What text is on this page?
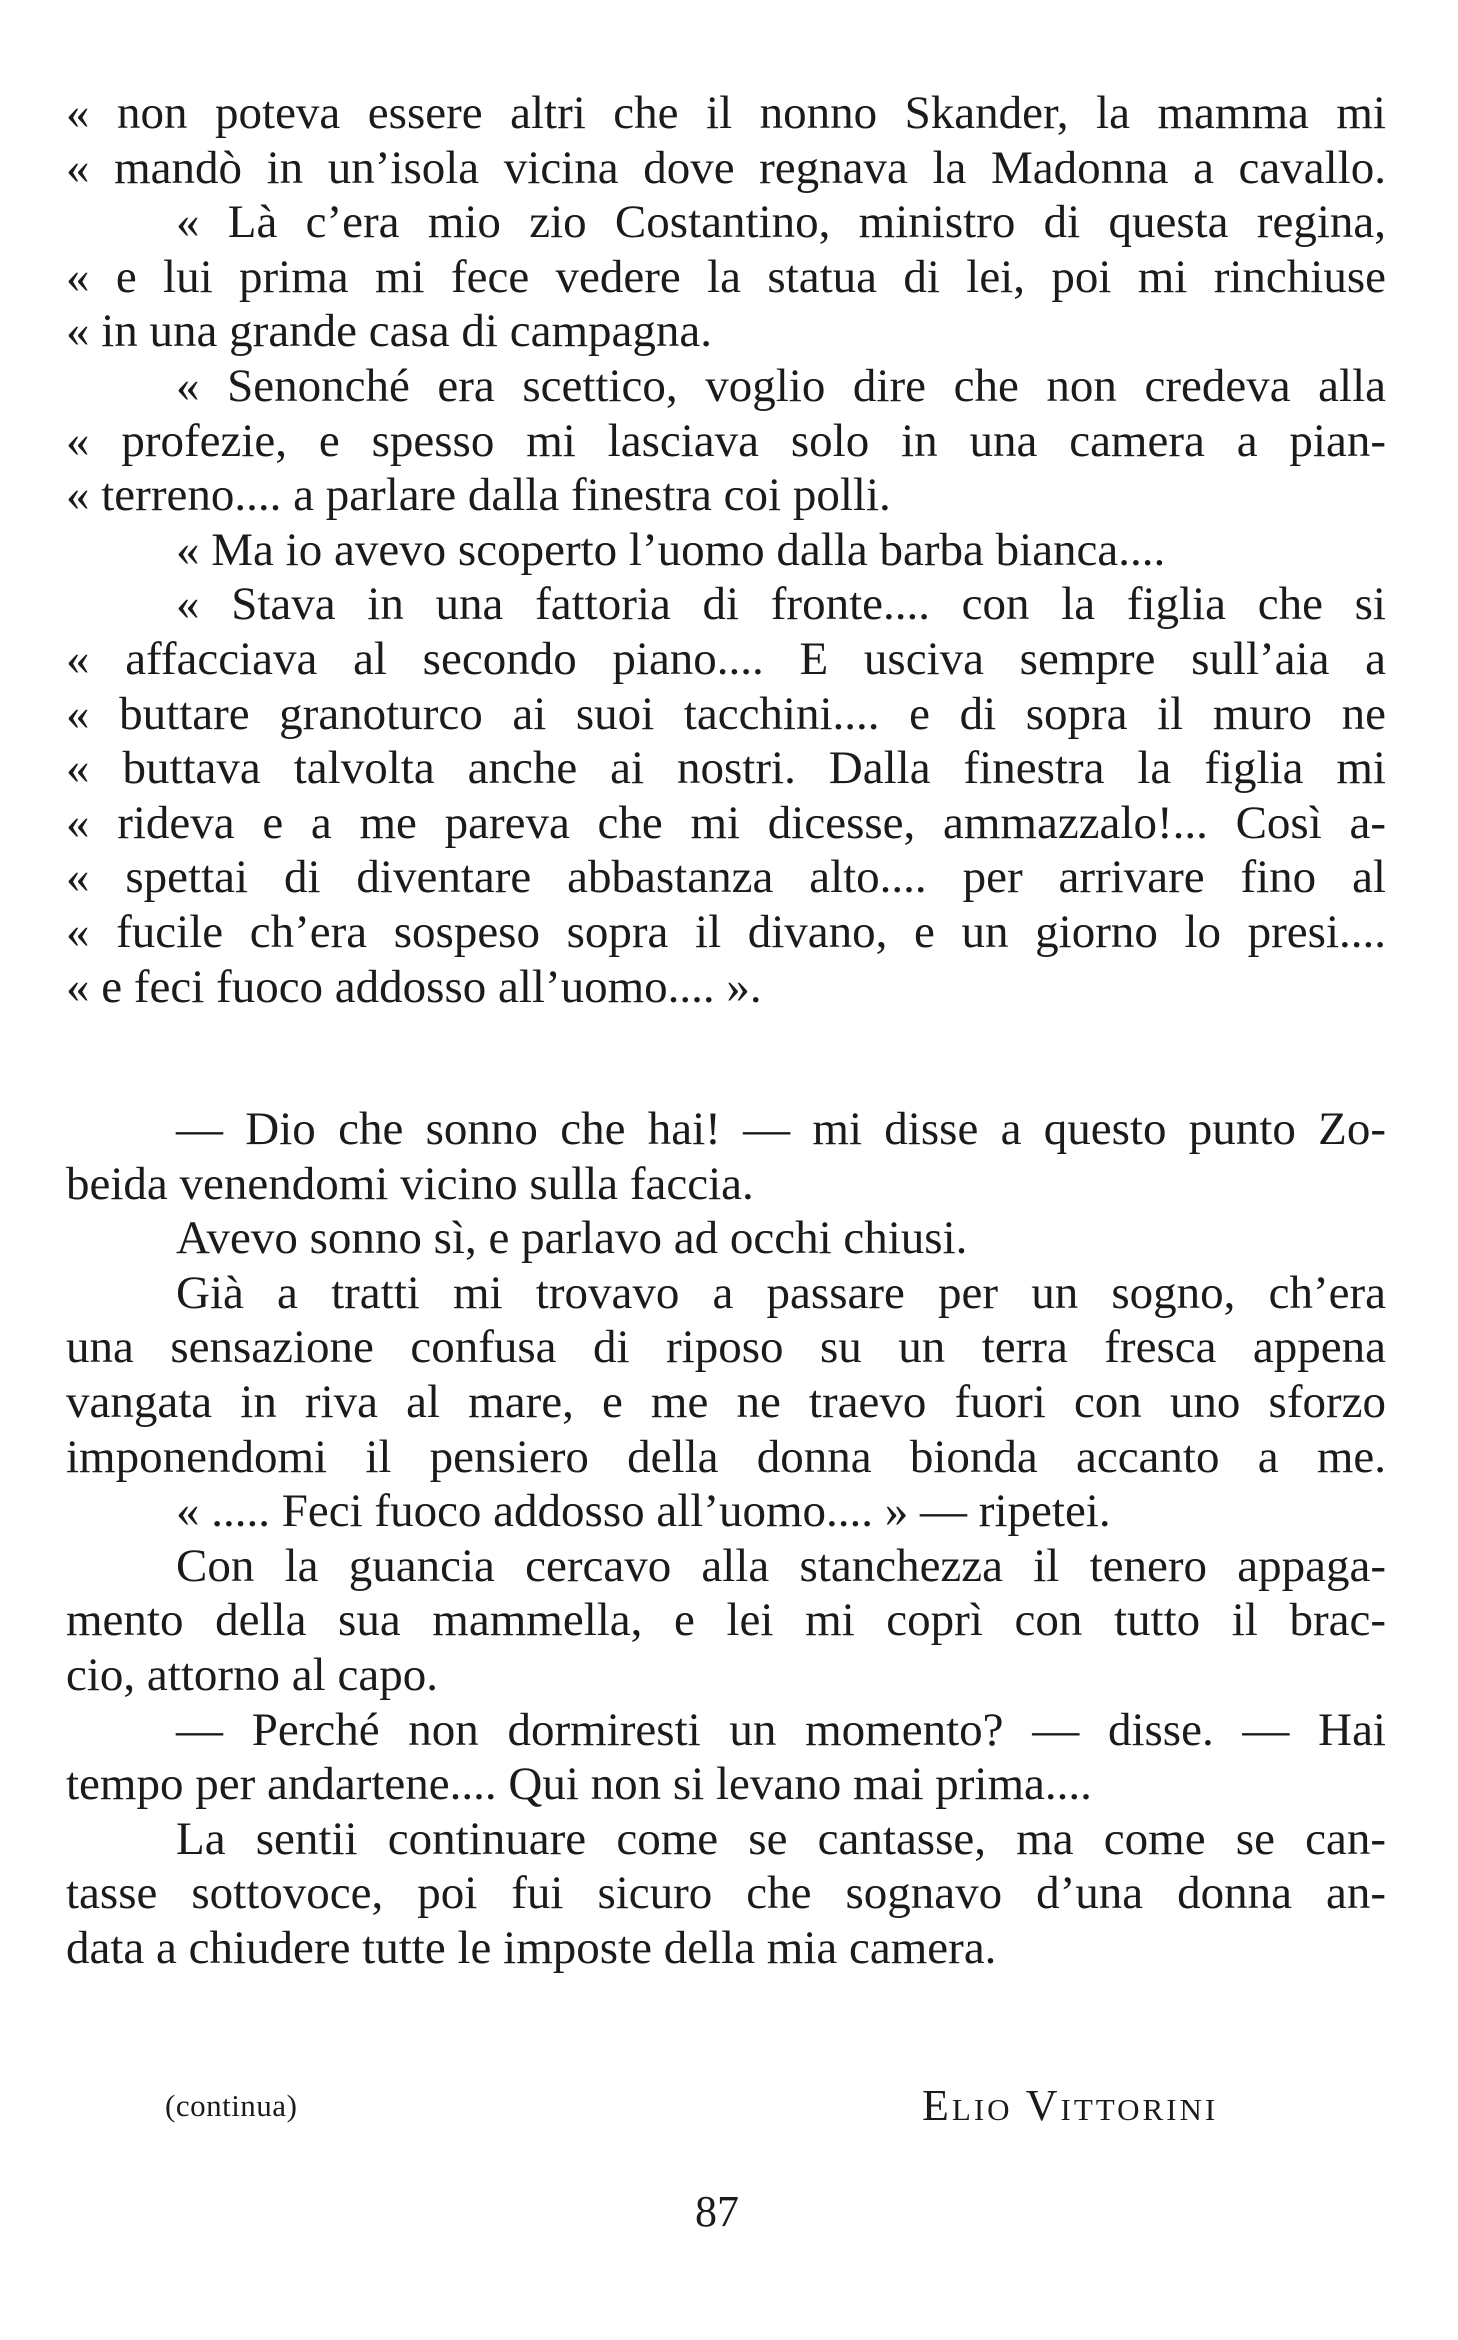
« non poteva essere altri che il nonno Skander, la mamma mi
« mandò in un’isola vicina dove regnava la Madonna a cavallo.
« Là c’era mio zio Costantino, ministro di questa regina,
« e lui prima mi fece vedere la statua di lei, poi mi rinchiuse
« in una grande casa di campagna.
« Senonché era scettico, voglio dire che non credeva alla
« profezie, e spesso mi lasciava solo in una camera a pian-
« terreno.... a parlare dalla finestra coi polli.
« Ma io avevo scoperto l’uomo dalla barba bianca....
« Stava in una fattoria di fronte.... con la figlia che si
« affacciava al secondo piano.... E usciva sempre sull’aia a
« buttare granoturco ai suoi tacchini.... e di sopra il muro ne
« buttava talvolta anche ai nostri. Dalla finestra la figlia mi
« rideva e a me pareva che mi dicesse, ammazzalo!... Così a-
« spettai di diventare abbastanza alto.... per arrivare fino al
« fucile ch’era sospeso sopra il divano, e un giorno lo presi....
« e feci fuoco addosso all’uomo.... ».
— Dio che sonno che hai! — mi disse a questo punto Zo-
beida venendomi vicino sulla faccia.
Avevo sonno sì, e parlavo ad occhi chiusi.
Già a tratti mi trovavo a passare per un sogno, ch’era
una sensazione confusa di riposo su un terra fresca appena
vangata in riva al mare, e me ne traevo fuori con uno sforzo
imponendomi il pensiero della donna bionda accanto a me.
« ..... Feci fuoco addosso all’uomo.... » — ripetei.
Con la guancia cercavo alla stanchezza il tenero appaga-
mento della sua mammella, e lei mi coprì con tutto il brac-
cio, attorno al capo.
— Perché non dormiresti un momento? — disse. — Hai
tempo per andartene.... Qui non si levano mai prima....
La sentii continuare come se cantasse, ma come se can-
tasse sottovoce, poi fui sicuro che sognavo d’una donna an-
data a chiudere tutte le imposte della mia camera.
(continua)	Elio Vittorini
87
